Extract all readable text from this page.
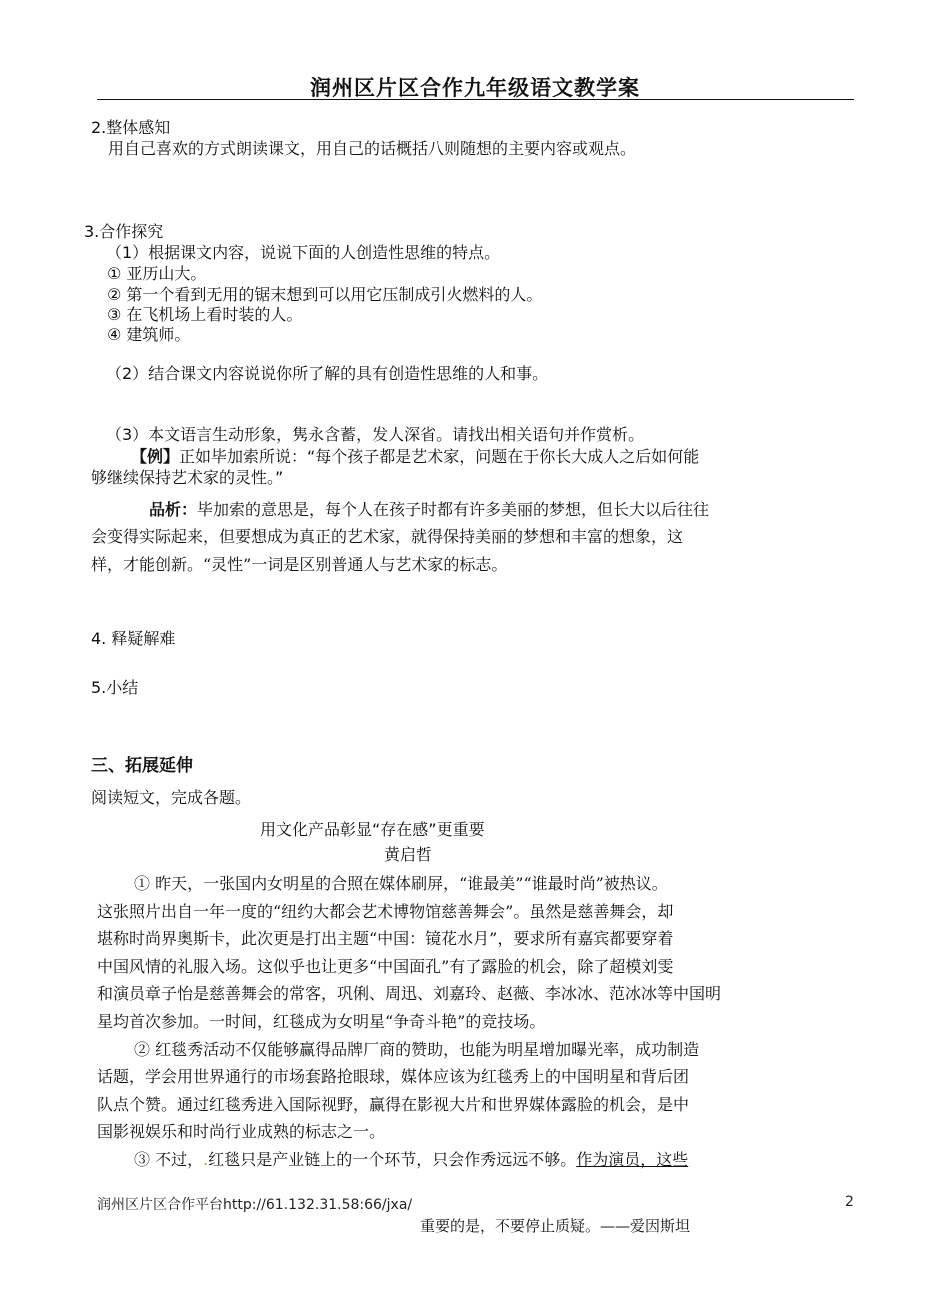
润州区片区合作九年级语文教学案
2.整体感知
用自己喜欢的方式朗读课文，用自己的话概括八则随想的主要内容或观点。
3.合作探究
（1）根据课文内容，说说下面的人创造性思维的特点。
① 亚历山大。
② 第一个看到无用的锯末想到可以用它压制成引火燃料的人。
③ 在飞机场上看时装的人。
④ 建筑师。
（2）结合课文内容说说你所了解的具有创造性思维的人和事。
（3）本文语言生动形象，隽永含蓄，发人深省。请找出相关语句并作赏析。
【例】正如毕加索所说：“每个孩子都是艺术家，问题在于你长大成人之后如何能
够继续保持艺术家的灵性。”
品析：毕加索的意思是，每个人在孩子时都有许多美丽的梦想，但长大以后往往
会变得实际起来，但要想成为真正的艺术家，就得保持美丽的梦想和丰富的想象，这
样，才能创新。“灵性”一词是区别普通人与艺术家的标志。
4. 释疑解难
5.小结
三、拓展延伸
阅读短文，完成各题。
用文化产品彰显“存在感”更重要
黄启哲
① 昨天，一张国内女明星的合照在媒体刷屏，“谁最美”“谁最时尚”被热议。
这张照片出自一年一度的“纽约大都会艺术博物馆慈善舞会”。虽然是慈善舞会，却
堪称时尚界奥斯卡，此次更是打出主题“中国：镜花水月”，要求所有嘉宾都要穿着
中国风情的礼服入场。这似乎也让更多“中国面孔”有了露脸的机会，除了超模刘雯
和演员章子怡是慈善舞会的常客，巩俐、周迅、刘嘉玲、赵薇、李冰冰、范冰冰等中国明
星均首次参加。一时间，红毯成为女明星“争奇斗艳”的竞技场。
② 红毯秀活动不仅能够赢得品牌厂商的赞助，也能为明星增加曝光率，成功制造
话题，学会用世界通行的市场套路抢眼球，媒体应该为红毯秀上的中国明星和背后团
队点个赞。通过红毯秀进入国际视野，赢得在影视大片和世界媒体露脸的机会，是中
国影视娱乐和时尚行业成熟的标志之一。
③ 不过，.红毯只是产业链上的一个环节，只会作秀远远不够。作为演员，这些
润州区片区合作平台http://61.132.31.58:66/jxa/	2
重要的是，不要停止质疑。——爱因斯坦
